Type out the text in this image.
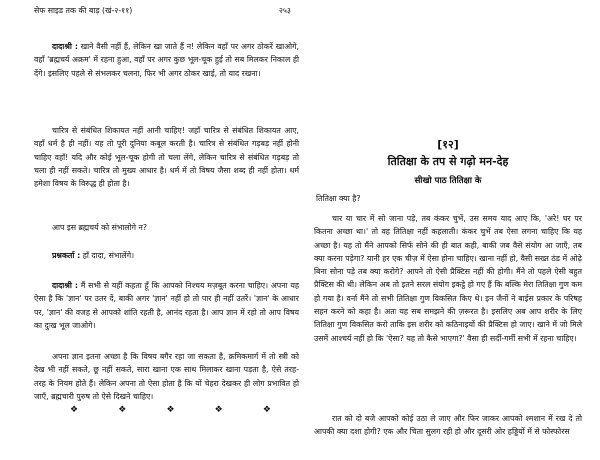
सेफ साइड तक की बाड़ (खं-२-११)	२५३

दादाश्री : खाने वैसी नहीं हैं, लेकिन खा जाते हैं न! लेकिन वहाँ पर अगर ठोकरें खाओगे, वहाँ 'ब्रह्मचर्य अक्रम' में रहना हुआ, वहाँ पर अगर कुछ भूल-चूक हुई तो सब मिलकर निकाल ही देंगे। इसलिए पहले से संभलकर चलना, फिर भी अगर ठोकर खाई, तो याद रखना।

चारित्र से संबंधित शिकायत नहीं आनी चाहिए! जहाँ चारित्र से संबंधित शिकायत आए, वहाँ धर्म है ही नहीं। यह तो पूरी दुनिया कबूल करती है। चारित्र से संबंधित गड़बड़ नहीं होनी चाहिए वहाँ! यदि और कोई भूल-चूक होगी तो चला लेंगे, लेकिन चारित्र से संबंधित गड़बड़ तो चला ही नहीं सकते। चारित्र तो मुख्य आधार है। धर्म में तो विषय जैसा शब्द ही नहीं होता। धर्म हमेशा विषय के विरुद्ध ही होता है।

आप इस ब्रह्मचर्य को संभालोगे न?

प्रश्नकर्ता : हाँ दादा, संभालेंगे।

दादाश्री : मैं सभी से यहीं कहता हूँ कि आपको निश्चय मज़बूत करना चाहिए। अपना यह ऐसा है कि 'ज्ञान' पर उतर दें, बाकी अगर 'ज्ञान' नहीं हो तो पार ही नहीं उतरें। 'ज्ञान' के आधार पर, 'ज्ञान' की वजह से आपको शांति रहती है, आनंद रहता है। आप ज्ञान में रहो तो आप विषय का दुःख भूल जाओगे।

अपना ज्ञान इतना अच्छा है कि विषय बगैर रहा जा सकता है, क्रमिकमार्ग में तो स्त्री को देख भी नहीं सकते, छू नहीं सकते, सारा खाना एक साथ मिलाकर खाना पड़ता है, ऐसे तरह-तरह के नियम होते हैं। लेकिन अपना तो ऐसा होता है कि यों चेहरा देखकर ही लोग प्रभावित हो जाएँ, ब्रह्मचारी पुरुष तो ऐसे दिखने चाहिए।

❖	❖	❖	❖	❖
[१२]
तितिक्षा के तप से गढ़ो मन-देह
सीखो पाठ तितिक्षा के
तितिक्षा क्या है?

चार या चार में सो जाना पड़े, तब कंकर चुभें, उस समय याद आए कि, 'अरे! घर पर कितना अच्छा था।' तो वह तितिक्षा नहीं कहलाती। कंकर चुभें तब ऐसा लगना चाहिए कि यह अच्छा है। यह तो मैंने आपको सिर्फ सोने की ही बात कही, बाकी जब वैसे संयोग आ जाएँ, तब क्या करना पड़ेगा? यानी हर एक चीज़ में ऐसा होना चाहिए। खाना नहीं हो, वैसी सख्त ठंड में ओढ़े बिना सोना पड़े तब क्या करोगे? आपने तो ऐसी प्रैक्टिस नहीं की होगी। मैंने तो पहले ऐसी बहुत प्रैक्टिस की थी। लेकिन अब तो इतने सरल संयोग इकट्ठे हो गए हैं कि बल्कि मेरा तितिक्षा गुण कम हो गया है। वर्ना मैंने तो सभी तितिक्षा गुण विकसित किए थे। इन जैनों ने बाईस प्रकार के परिषह सहन करने को कहा है। अतः यह सब समझने की ज़रूरत है। इसलिए अब आप शरीर के लिए तितिक्षा गुण विकसित करो ताकि इस शरीर को कठिनाइयों की प्रैक्टिस हो जाए। खाने में जो मिले उसमें आश्चर्य नहीं हो कि 'ऐसा? यह तो कैसे भाएगा?' वैसा ही सर्दी-गर्मी सभी में रहना चाहिए।

रात को दो बजे आपको कोई उठा ले जाए और फिर जाकर आपको श्मशान में रख दे तो आपकी क्या दशा होगी? एक और चिता सुलग रही हो और दूसरी ओर हड्डियों में से फोस्फोरस
